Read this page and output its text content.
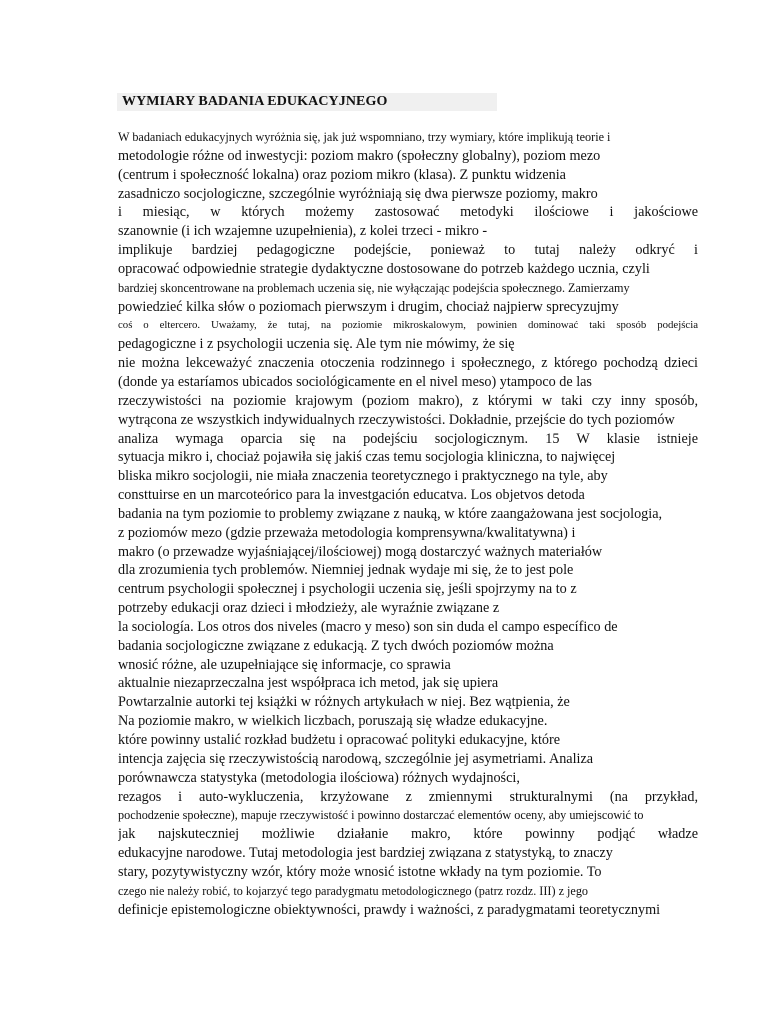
WYMIARY BADANIA EDUKACYJNEGO
W badaniach edukacyjnych wyróżnia się, jak już wspomniano, trzy wymiary, które implikują teorie i
metodologie różne od inwestycji: poziom makro (społeczny globalny), poziom mezo
(centrum i społeczność lokalna) oraz poziom mikro (klasa). Z punktu widzenia
zasadniczo socjologiczne, szczególnie wyróżniają się dwa pierwsze poziomy, makro
i miesiąc, w których możemy zastosować metodyki ilościowe i jakościowe
szanownie (i ich wzajemne uzupełnienia), z kolei trzeci - mikro -
implikuje bardziej pedagogiczne podejście, ponieważ to tutaj należy odkryć i
opracować odpowiednie strategie dydaktyczne dostosowane do potrzeb każdego ucznia, czyli
bardziej skoncentrowane na problemach uczenia się, nie wyłączając podejścia społecznego. Zamierzamy
powiedzieć kilka słów o poziomach pierwszym i drugim, chociaż najpierw sprecyzujmy
coś o eltercero. Uważamy, że tutaj, na poziomie mikroskalowym, powinien dominować taki sposób podejścia
pedagogiczne i z psychologii uczenia się. Ale tym nie mówimy, że się
nie można lekceważyć znaczenia otoczenia rodzinnego i społecznego, z którego pochodzą dzieci
(donde ya estaríamos ubicados sociológicamente en el nivel meso) ytampoco de las
rzeczywistości na poziomie krajowym (poziom makro), z którymi w taki czy inny sposób,
wytrącona ze wszystkich indywidualnych rzeczywistości. Dokładnie, przejście do tych poziomów
analiza wymaga oparcia się na podejściu socjologicznym. 15 W klasie istnieje
sytuacja mikro i, chociaż pojawiła się jakiś czas temu socjologia kliniczna, to najwięcej
bliska mikro socjologii, nie miała znaczenia teoretycznego i praktycznego na tyle, aby
consttuirse en un marcoteórico para la investgación educatva. Los objetvos detoda
badania na tym poziomie to problemy związane z nauką, w które zaangażowana jest socjologia,
z poziomów mezo (gdzie przeważa metodologia komprensywna/kwalitatywna) i
makro (o przewadze wyjaśniającej/ilościowej) mogą dostarczyć ważnych materiałów
dla zrozumienia tych problemów. Niemniej jednak wydaje mi się, że to jest pole
centrum psychologii społecznej i psychologii uczenia się, jeśli spojrzymy na to z
potrzeby edukacji oraz dzieci i młodzieży, ale wyraźnie związane z
la sociología. Los otros dos niveles (macro y meso) son sin duda el campo específico de
badania socjologiczne związane z edukacją. Z tych dwóch poziomów można
wnosić różne, ale uzupełniające się informacje, co sprawia
aktualnie niezaprzeczalna jest współpraca ich metod, jak się upiera
Powtarzalnie autorki tej książki w różnych artykułach w niej. Bez wątpienia, że
Na poziomie makro, w wielkich liczbach, poruszają się władze edukacyjne.
które powinny ustalić rozkład budżetu i opracować polityki edukacyjne, które
intencja zajęcia się rzeczywistością narodową, szczególnie jej asymetriami. Analiza
porównawcza statystyka (metodologia ilościowa) różnych wydajności,
rezagos i auto-wykluczenia, krzyżowane z zmiennymi strukturalnymi (na przykład,
pochodzenie społeczne), mapuje rzeczywistość i powinno dostarczać elementów oceny, aby umiejscowić to
jak najskuteczniej możliwie działanie makro, które powinny podjąć władze
edukacyjne narodowe. Tutaj metodologia jest bardziej związana z statystyką, to znaczy
stary, pozytywistyczny wzór, który może wnosić istotne wkłady na tym poziomie. To
czego nie należy robić, to kojarzyć tego paradygmatu metodologicznego (patrz rozdz. III) z jego
definicje epistemologiczne obiektywności, prawdy i ważności, z paradygmatami teoretycznymi
